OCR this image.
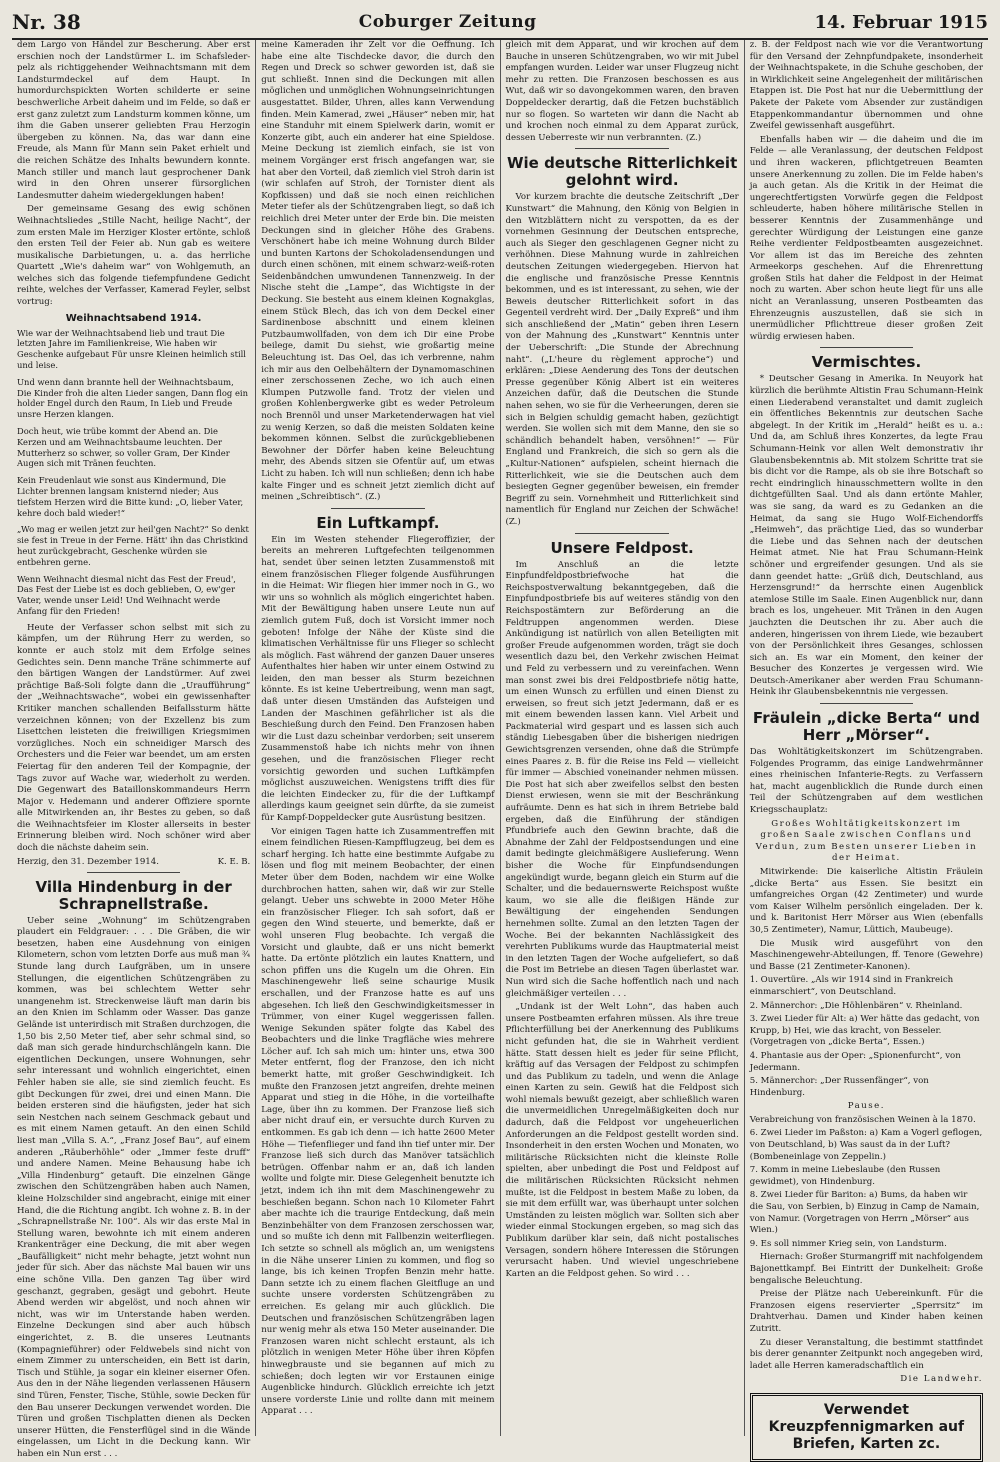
Nr. 38	Coburger Zeitung	14. Februar 1915

dem Largo von Händel zur Bescherung. Aber erst erschien noch der Landstürmer L. im Schafslederpelz als richtiggehender Weihnachtsmann mit dem Landsturmdeckel auf dem Haupt. In humordurchspickten Worten schilderte er seine beschwerliche Arbeit daheim und im Felde, so daß er erst ganz zuletzt zum Landsturm kommen könne, um ihm die Gaben unserer geliebten Frau Herzogin übergeben zu können. Na, das war dann eine Freude, als Mann für Mann sein Paket erhielt und die reichen Schätze des Inhalts bewundern konnte. Manch stiller und manch laut gesprochener Dank wird in den Ohren unserer fürsorglichen Landesmutter daheim wiedergeklungen haben!

Der gemeinsame Gesang des ewig schönen Weihnachtsliedes „Stille Nacht, heilige Nacht“, der zum ersten Male im Herziger Kloster ertönte, schloß den ersten Teil der Feier ab. Nun gab es weitere musikalische Darbietungen, u. a. das herrliche Quartett „Wie's daheim war“ von Wohlgemuth, an welches sich das folgende tiefempfundene Gedicht reihte, welches der Verfasser, Kamerad Feyler, selbst vortrug:

Weihnachtsabend 1914.

Wie war der Weihnachtsabend lieb und traut Die letzten Jahre im Familienkreise, Wie haben wir Geschenke aufgebaut Für unsre Kleinen heimlich still und leise.

Und wenn dann brannte hell der Weihnachtsbaum, Die Kinder froh die alten Lieder sangen, Dann flog ein holder Engel durch den Raum, In Lieb und Freude unsre Herzen klangen.

Doch heut, wie trübe kommt der Abend an. Die Kerzen und am Weihnachtsbaume leuchten. Der Mutterherz so schwer, so voller Gram, Der Kinder Augen sich mit Tränen feuchten.

Kein Freudenlaut wie sonst aus Kindermund, Die Lichter brennen langsam knisternd nieder; Aus tiefstem Herzen wird die Bitte kund: „O, lieber Vater, kehre doch bald wieder!“

„Wo mag er weilen jetzt zur heil'gen Nacht?“ So denkt sie fest in Treue in der Ferne. Hätt' ihn das Christkind heut zurückgebracht, Geschenke würden sie entbehren gerne.

Wenn Weihnacht diesmal nicht das Fest der Freud', Das Fest der Liebe ist es doch geblieben, O, ew'ger Vater, wende unser Leid! Und Weihnacht werde Anfang für den Frieden!

Heute der Verfasser schon selbst mit sich zu kämpfen, um der Rührung Herr zu werden, so konnte er auch stolz mit dem Erfolge seines Gedichtes sein. Denn manche Träne schimmerte auf den bärtigen Wangen der Landstürmer. Auf zwei prächtige Baß-Soli folgte dann die „Uraufführung“ der „Weihnachtswache“, wobei ein gewissenhafter Kritiker manchen schallenden Beifallssturm hätte verzeichnen können; von der Exzellenz bis zum Lisettchen leisteten die freiwilligen Kriegsmimen vorzügliches. Noch ein schneidiger Marsch des Orchesters und die Feier war beendet, um am ersten Feiertag für den anderen Teil der Kompagnie, der Tags zuvor auf Wache war, wiederholt zu werden. Die Gegenwart des Bataillonskommandeurs Herrn Major v. Hedemann und anderer Offiziere spornte alle Mitwirkenden an, ihr Bestes zu geben, so daß die Weihnachtsfeier im Kloster allerseits in bester Erinnerung bleiben wird. Noch schöner wird aber doch die nächste daheim sein.

Herzig, den 31. Dezember 1914.	K. E. B.
Villa Hindenburg in der Schrapnellstraße.

Ueber seine „Wohnung“ im Schützengraben plaudert ein Feldgrauer: . . . Die Gräben, die wir besetzen, haben eine Ausdehnung von einigen Kilometern, schon vom letzten Dorfe aus muß man ¾ Stunde lang durch Laufgräben, um in unsere Stellungen, die eigentlichen Schützengräben zu kommen, was bei schlechtem Wetter sehr unangenehm ist. Streckenweise läuft man darin bis an den Knien im Schlamm oder Wasser. Das ganze Gelände ist unterirdisch mit Straßen durchzogen, die 1,50 bis 2,50 Meter tief, aber sehr schmal sind, so daß man sich gerade hindurchschlängeln kann. Die eigentlichen Deckungen, unsere Wohnungen, sehr sehr interessant und wohnlich eingerichtet, einen Fehler haben sie alle, sie sind ziemlich feucht. Es gibt Deckungen für zwei, drei und einen Mann. Die beiden ersteren sind die häufigsten, jeder hat sich sein Nestchen nach seinem Geschmack gebaut und es mit einem Namen getauft. An den einen Schild liest man „Villa S. A.“, „Franz Josef Bau“, auf einem anderen „Räuberhöhle“ oder „Immer feste druff“ und andere Namen. Meine Behausung habe ich „Villa Hindenburg“ getauft. Die einzelnen Gänge zwischen den Schützengräben haben auch Namen, kleine Holzschilder sind angebracht, einige mit einer Hand, die die Richtung angibt. Ich wohne z. B. in der „Schrapnellstraße Nr. 100“. Als wir das erste Mal in Stellung waren, bewohnte ich mit einem anderen Krankenträger eine Deckung, die mit aber wegen „Baufälligkeit“ nicht mehr behagte, jetzt wohnt nun jeder für sich. Aber das nächste Mal bauen wir uns eine schöne Villa. Den ganzen Tag über wird geschanzt, gegraben, gesägt und gebohrt. Heute Abend werden wir abgelöst, und noch ahnen wir nicht, was wir im Unterstande haben werden. Einzelne Deckungen sind aber auch hübsch eingerichtet, z. B. die unseres Leutnants (Kompagnieführer) oder Feldwebels sind nicht von einem Zimmer zu unterscheiden, ein Bett ist darin, Tisch und Stühle, ja sogar ein kleiner eiserner Ofen. Aus den in der Nähe liegenden verlassenen Häusern sind Türen, Fenster, Tische, Stühle, sowie Decken für den Bau unserer Deckungen verwendet worden. Die Türen und großen Tischplatten dienen als Decken unserer Hütten, die Fensterflügel sind in die Wände eingelassen, um Licht in die Deckung kann. Wir haben ein Nun erst . . .

meine Kameraden ihr Zelt vor die Oeffnung. Ich habe eine alte Tischdecke davor, die durch den Regen und Dreck so schwer geworden ist, daß sie gut schließt. Innen sind die Deckungen mit allen möglichen und unmöglichen Wohnungseinrichtungen ausgestattet. Bilder, Uhren, alles kann Verwendung finden. Mein Kamerad, zwei „Häuser“ neben mir, hat eine Standuhr mit einem Spielwerk darin, womit er Konzerte gibt, auch ein anderer hat eine Spieldose. Meine Deckung ist ziemlich einfach, sie ist von meinem Vorgänger erst frisch angefangen war, sie hat aber den Vorteil, daß ziemlich viel Stroh darin ist (wir schlafen auf Stroh, der Tornister dient als Kopfkissen) und daß sie noch einen reichlichen Meter tiefer als der Schützengraben liegt, so daß ich reichlich drei Meter unter der Erde bin. Die meisten Deckungen sind in gleicher Höhe des Grabens. Verschönert habe ich meine Wohnung durch Bilder und bunten Kartons der Schokoladensendungen und durch einen schönen, mit einem schwarz-weiß-roten Seidenbändchen umwundenen Tannenzweig. In der Nische steht die „Lampe“, das Wichtigste in der Deckung. Sie besteht aus einem kleinen Kognakglas, einem Stück Blech, das ich von dem Deckel einer Sardinenbose abschnitt und einem kleinen Putzbaumwollfaden, von dem ich Dir eine Probe beilege, damit Du siehst, wie großartig meine Beleuchtung ist. Das Oel, das ich verbrenne, nahm ich mir aus den Oelbehältern der Dynamomaschinen einer zerschossenen Zeche, wo ich auch einen Klumpen Putzwolle fand. Trotz der vielen und großen Kohlenbergwerke gibt es weder Petroleum noch Brennöl und unser Marketenderwagen hat viel zu wenig Kerzen, so daß die meisten Soldaten keine bekommen können. Selbst die zurückgebliebenen Bewohner der Dörfer haben keine Beleuchtung mehr, des Abends sitzen sie Ofentür auf, um etwas Licht zu haben. Ich will nun schließen; denn ich habe kalte Finger und es schneit jetzt ziemlich dicht auf meinen „Schreibtisch“. (Z.)

Ein Luftkampf.

Ein im Westen stehender Fliegeroffizier, der bereits an mehreren Luftgefechten teilgenommen hat, sendet über seinen letzten Zusammenstoß mit einem französischen Flieger folgende Ausführungen in die Heimat: Wir fliegen hier immer noch in G., wo wir uns so wohnlich als möglich eingerichtet haben. Mit der Bewältigung haben unsere Leute nun auf ziemlich gutem Fuß, doch ist Vorsicht immer noch geboten! Infolge der Nähe der Küste sind die klimatischen Verhältnisse für uns Flieger so schlecht als möglich. Fast während der ganzen Dauer unseres Aufenthaltes hier haben wir unter einem Ostwind zu leiden, den man besser als Sturm bezeichnen könnte. Es ist keine Uebertreibung, wenn man sagt, daß unter diesen Umständen das Aufsteigen und Landen der Maschinen gefährlicher ist als die Beschießung durch den Feind. Den Franzosen haben wir die Lust dazu scheinbar verdorben; seit unserem Zusammenstoß habe ich nichts mehr von ihnen gesehen, und die französischen Flieger recht vorsichtig geworden und suchen Luftkämpfen möglichst auszuweichen. Wenigstens trifft dies für die leichten Eindecker zu, für die der Luftkampf allerdings kaum geeignet sein dürfte, da sie zumeist für Kampf-Doppeldecker gute Ausrüstung besitzen.

Vor einigen Tagen hatte ich Zusammentreffen mit einem feindlichen Riesen-Kampfflugzeug, bei dem es scharf herging. Ich hatte eine bestimmte Aufgabe zu lösen und flog mit meinem Beobachter, der einen Meter über dem Boden, nachdem wir eine Wolke durchbrochen hatten, sahen wir, daß wir zur Stelle gelangt. Ueber uns schwebte in 2000 Meter Höhe ein französischer Flieger. Ich sah sofort, daß er gegen den Wind steuerte, und bemerkte, daß er wohl unseren Flug beobachte. Ich vergaß die Vorsicht und glaubte, daß er uns nicht bemerkt hatte. Da ertönte plötzlich ein lautes Knattern, und schon pfiffen uns die Kugeln um die Ohren. Ein Maschinengewehr ließ seine schaurige Musik erschallen, und der Franzose hatte es auf uns abgesehen. Ich ließ den Geschwindigkeitsmesser in Trümmer, von einer Kugel weggerissen fallen. Wenige Sekunden später folgte das Kabel des Beobachters und die linke Tragfläche wies mehrere Löcher auf. Ich sah mich um: hinter uns, etwa 300 Meter entfernt, flog der Franzose, den ich nicht bemerkt hatte, mit großer Geschwindigkeit. Ich mußte den Franzosen jetzt angreifen, drehte meinen Apparat und stieg in die Höhe, in die vorteilhafte Lage, über ihn zu kommen. Der Franzose ließ sich aber nicht drauf ein, er versuchte durch Kurven zu entkommen. Es gab ich denn — ich hatte 2600 Meter Höhe — Tiefenflieger und fand ihn tief unter mir. Der Franzose ließ sich durch das Manöver tatsächlich betrügen. Offenbar nahm er an, daß ich landen wollte und folgte mir. Diese Gelegenheit benutzte ich jetzt, indem ich ihn mit dem Maschinengewehr zu beschießen begann. Schon nach 10 Kilometer Fahrt aber machte ich die traurige Entdeckung, daß mein Benzinbehälter von dem Franzosen zerschossen war, und so mußte ich denn mit Fallbenzin weiterfliegen. Ich setzte so schnell als möglich an, um wenigstens in die Nähe unserer Linien zu kommen, und flog so lange, bis ich keinen Tropfen Benzin mehr hatte. Dann setzte ich zu einem flachen Gleitfluge an und suchte unsere vordersten Schützengräben zu erreichen. Es gelang mir auch glücklich. Die Deutschen und französischen Schützengräben lagen nur wenig mehr als etwa 150 Meter auseinander. Die Franzosen waren nicht schlecht erstaunt, als ich plötzlich in wenigen Meter Höhe über ihren Köpfen hinwegbrauste und sie begannen auf mich zu schießen; doch legten wir vor Erstaunen einige Augenblicke hindurch. Glücklich erreichte ich jetzt unsere vorderste Linie und rollte dann mit meinem Apparat . . .

gleich mit dem Apparat, und wir krochen auf dem Bauche in unseren Schützengraben, wo wir mit Jubel empfangen wurden. Leider war unser Flugzeug nicht mehr zu retten. Die Franzosen beschossen es aus Wut, daß wir so davongekommen waren, den braven Doppeldecker derartig, daß die Fetzen buchstäblich nur so flogen. So warteten wir dann die Nacht ab und krochen noch einmal zu dem Apparat zurück, dessen Ueberreste wir nun verbrannten. (Z.)

Wie deutsche Ritterlichkeit gelohnt wird.

Vor kurzem brachte die deutsche Zeitschrift „Der Kunstwart“ die Mahnung, den König von Belgien in den Witzblättern nicht zu verspotten, da es der vornehmen Gesinnung der Deutschen entspreche, auch als Sieger den geschlagenen Gegner nicht zu verhöhnen. Diese Mahnung wurde in zahlreichen deutschen Zeitungen wiedergegeben. Hiervon hat die englische und französische Presse Kenntnis bekommen, und es ist interessant, zu sehen, wie der Beweis deutscher Ritterlichkeit sofort in das Gegenteil verdreht wird. Der „Daily Expreß“ und ihm sich anschließend der „Matin“ geben ihren Lesern von der Mahnung des „Kunstwart“ Kenntnis unter der Ueberschrift: „Die Stunde der Abrechnung naht“. („L'heure du règlement approche“) und erklären: „Diese Aenderung des Tons der deutschen Presse gegenüber König Albert ist ein weiteres Anzeichen dafür, daß die Deutschen die Stunde nahen sehen, wo sie für die Verheerungen, deren sie sich in Belgien schuldig gemacht haben, gezüchtigt werden. Sie wollen sich mit dem Manne, den sie so schändlich behandelt haben, versöhnen!“ — Für England und Frankreich, die sich so gern als die „Kultur-Nationen“ aufspielen, scheint hiernach die Ritterlichkeit, wie sie die Deutschen auch dem besiegten Gegner gegenüber beweisen, ein fremder Begriff zu sein. Vornehmheit und Ritterlichkeit sind namentlich für England nur Zeichen der Schwäche! (Z.)

Unsere Feldpost.

Im Anschluß an die letzte Einpfundfeldpostbriefwoche hat die Reichspostverwaltung bekanntgegeben, daß die Einpfundpostbriefe bis auf weiteres ständig von den Reichspostämtern zur Beförderung an die Feldtruppen angenommen werden. Diese Ankündigung ist natürlich von allen Beteiligten mit großer Freude aufgenommen worden, trägt sie doch wesentlich dazu bei, den Verkehr zwischen Heimat und Feld zu verbessern und zu vereinfachen. Wenn man sonst zwei bis drei Feldpostbriefe nötig hatte, um einen Wunsch zu erfüllen und einen Dienst zu erweisen, so freut sich jetzt Jedermann, daß er es mit einem bewenden lassen kann. Viel Arbeit und Packmaterial wird gespart und es lassen sich auch ständig Liebesgaben über die bisherigen niedrigen Gewichtsgrenzen versenden, ohne daß die Strümpfe eines Paares z. B. für die Reise ins Feld — vielleicht für immer — Abschied voneinander nehmen müssen. Die Post hat sich aber zweifellos selbst den besten Dienst erwiesen, wenn sie mit der Beschränkung aufräumte. Denn es hat sich in ihrem Betriebe bald ergeben, daß die Einführung der ständigen Pfundbriefe auch den Gewinn brachte, daß die Abnahme der Zahl der Feldpostsendungen und eine damit bedingte gleichmäßigere Auslieferung. Wenn bisher die Woche für Einpfundsendungen angekündigt wurde, begann gleich ein Sturm auf die Schalter, und die bedauernswerte Reichspost wußte kaum, wo sie alle die fleißigen Hände zur Bewältigung der eingehenden Sendungen hernehmen sollte. Zumal an den letzten Tagen der Woche. Bei der bekannten Nachlässigkeit des verehrten Publikums wurde das Hauptmaterial meist in den letzten Tagen der Woche aufgeliefert, so daß die Post im Betriebe an diesen Tagen überlastet war. Nun wird sich die Sache hoffentlich nach und nach gleichmäßiger verteilen . . .

„Undank ist der Welt Lohn“, das haben auch unsere Postbeamten erfahren müssen. Als ihre treue Pflichterfüllung bei der Anerkennung des Publikums nicht gefunden hat, die sie in Wahrheit verdient hätte. Statt dessen hielt es jeder für seine Pflicht, kräftig auf das Versagen der Feldpost zu schimpfen und das Publikum zu tadeln, und wenn die Anlage einen Karten zu sein. Gewiß hat die Feldpost sich wohl niemals bewußt gezeigt, aber schließlich waren die unvermeidlichen Unregelmäßigkeiten doch nur dadurch, daß die Feldpost vor ungeheuerlichen Anforderungen an die Feldpost gestellt worden sind. Insonderheit in den ersten Wochen und Monaten, wo militärische Rücksichten nicht die kleinste Rolle spielten, aber unbedingt die Post und Feldpost auf die militärischen Rücksichten Rücksicht nehmen mußte, ist die Feldpost in bestem Maße zu loben, da sie mit dem erfüllt war, was überhaupt unter solchen Umständen zu leisten möglich war. Sollten sich aber wieder einmal Stockungen ergeben, so mag sich das Publikum darüber klar sein, daß nicht postalisches Versagen, sondern höhere Interessen die Störungen verursacht haben. Und wieviel ungeschriebene Karten an die Feldpost gehen. So wird . . .

z. B. der Feldpost nach wie vor die Verantwortung für den Versand der Zehnpfundpakete, insonderheit der Weihnachtspakete, in die Schuhe geschoben, der in Wirklichkeit seine Angelegenheit der militärischen Etappen ist. Die Post hat nur die Uebermittlung der Pakete der Pakete vom Absender zur zuständigen Etappenkommandantur übernommen und ohne Zweifel gewissenhaft ausgeführt.

Ebenfalls haben wir — die daheim und die im Felde — alle Veranlassung, der deutschen Feldpost und ihren wackeren, pflichtgetreuen Beamten unsere Anerkennung zu zollen. Die im Felde haben's ja auch getan. Als die Kritik in der Heimat die ungerechtfertigsten Vorwürfe gegen die Feldpost schleuderte, haben höhere militärische Stellen in besserer Kenntnis der Zusammenhänge und gerechter Würdigung der Leistungen eine ganze Reihe verdienter Feldpostbeamten ausgezeichnet. Vor allem ist das im Bereiche des zehnten Armeekorps geschehen. Auf die Ehrenrettung großen Stils hat daher die Feldpost in der Heimat noch zu warten. Aber schon heute liegt für uns alle nicht an Veranlassung, unseren Postbeamten das Ehrenzeugnis auszustellen, daß sie sich in unermüdlicher Pflichttreue dieser großen Zeit würdig erwiesen haben.

Vermischtes.

* Deutscher Gesang in Amerika. In Neuyork hat kürzlich die berühmte Altistin Frau Schumann-Heink einen Liederabend veranstaltet und damit zugleich ein öffentliches Bekenntnis zur deutschen Sache abgelegt. In der Kritik im „Herald“ heißt es u. a.: Und da, am Schluß ihres Konzertes, da legte Frau Schumann-Heink vor allen Welt demonstrativ ihr Glaubensbekenntnis ab. Mit stolzem Schritte trat sie bis dicht vor die Rampe, als ob sie ihre Botschaft so recht eindringlich hinausschmettern wollte in den dichtgefüllten Saal. Und als dann ertönte Mahler, was sie sang, da ward es zu Gedanken an die Heimat, da sang sie Hugo Wolf-Eichendorffs „Heimweh“, das prächtige Lied, das so wunderbar die Liebe und das Sehnen nach der deutschen Heimat atmet. Nie hat Frau Schumann-Heink schöner und ergreifender gesungen. Und als sie dann geendet hatte: „Grüß dich, Deutschland, aus Herzensgrund!“ da herrschte einen Augenblick atemlose Stille im Saale. Einen Augenblick nur, dann brach es los, ungeheuer. Mit Tränen in den Augen jauchzten die Deutschen ihr zu. Aber auch die anderen, hingerissen von ihrem Liede, wie bezaubert von der Persönlichkeit ihres Gesanges, schlossen sich an. Es war ein Moment, den keiner der Besucher des Konzertes je vergessen wird. Wie Deutsch-Amerikaner aber werden Frau Schumann-Heink ihr Glaubensbekenntnis nie vergessen.

Fräulein „dicke Berta“ und Herr „Mörser“.

Das Wohltätigkeitskonzert im Schützengraben. Folgendes Programm, das einige Landwehrmänner eines rheinischen Infanterie-Regts. zu Verfassern hat, macht augenblicklich die Runde durch einen Teil der Schützengraben auf dem westlichen Kriegsschauplatz:

Großes Wohltätigkeitskonzert im großen Saale zwischen Conflans und Verdun, zum Besten unserer Lieben in der Heimat.

Mitwirkende: Die kaiserliche Altistin Fräulein „dicke Berta“ aus Essen. Sie besitzt ein umfangreiches Organ (42 Zentimeter) und wurde vom Kaiser Wilhelm persönlich eingeladen. Der k. und k. Baritonist Herr Mörser aus Wien (ebenfalls 30,5 Zentimeter), Namur, Lüttich, Maubeuge).

Die Musik wird ausgeführt von den Maschinengewehr-Abteilungen, ff. Tenore (Gewehre) und Basse (21 Zentimeter-Kanonen).

1. Ouvertüre. „Als wir 1914 sind in Frankreich einmarschiert“, von Deutschland.

2. Männerchor: „Die Höhlenbären“ v. Rheinland.

3. Zwei Lieder für Alt: a) Wer hätte das gedacht, von Krupp, b) Hei, wie das kracht, von Besseler. (Vorgetragen von „dicke Berta“, Essen.)

4. Phantasie aus der Oper: „Spionenfurcht“, von Jedermann.

5. Männerchor: „Der Russenfänger“, von Hindenburg.

Pause.

Verabreichung von französischen Weinen à la 1870.

6. Zwei Lieder im Paßston: a) Kam a Vogerl geflogen, von Deutschland, b) Was saust da in der Luft? (Bombeneinlage von Zeppelin.)

7. Komm in meine Liebeslaube (den Russen gewidmet), von Hindenburg.

8. Zwei Lieder für Bariton: a) Bums, da haben wir die Sau, von Serbien, b) Einzug in Camp de Namain, von Namur. (Vorgetragen von Herrn „Mörser“ aus Wien.)

9. Es soll nimmer Krieg sein, von Landsturm.

Hiernach: Großer Sturmangriff mit nachfolgendem Bajonettkampf. Bei Eintritt der Dunkelheit: Große bengalische Beleuchtung.

Preise der Plätze nach Uebereinkunft. Für die Franzosen eigens reservierter „Sperrsitz“ im Drahtverhau. Damen und Kinder haben keinen Zutritt.

Zu dieser Veranstaltung, die bestimmt stattfindet bis derer genannter Zeitpunkt noch angegeben wird, ladet alle Herren kameradschaftlich ein

Die Landwehr.
Verwendet Kreuzpfennigmarken auf Briefen, Karten zc.
